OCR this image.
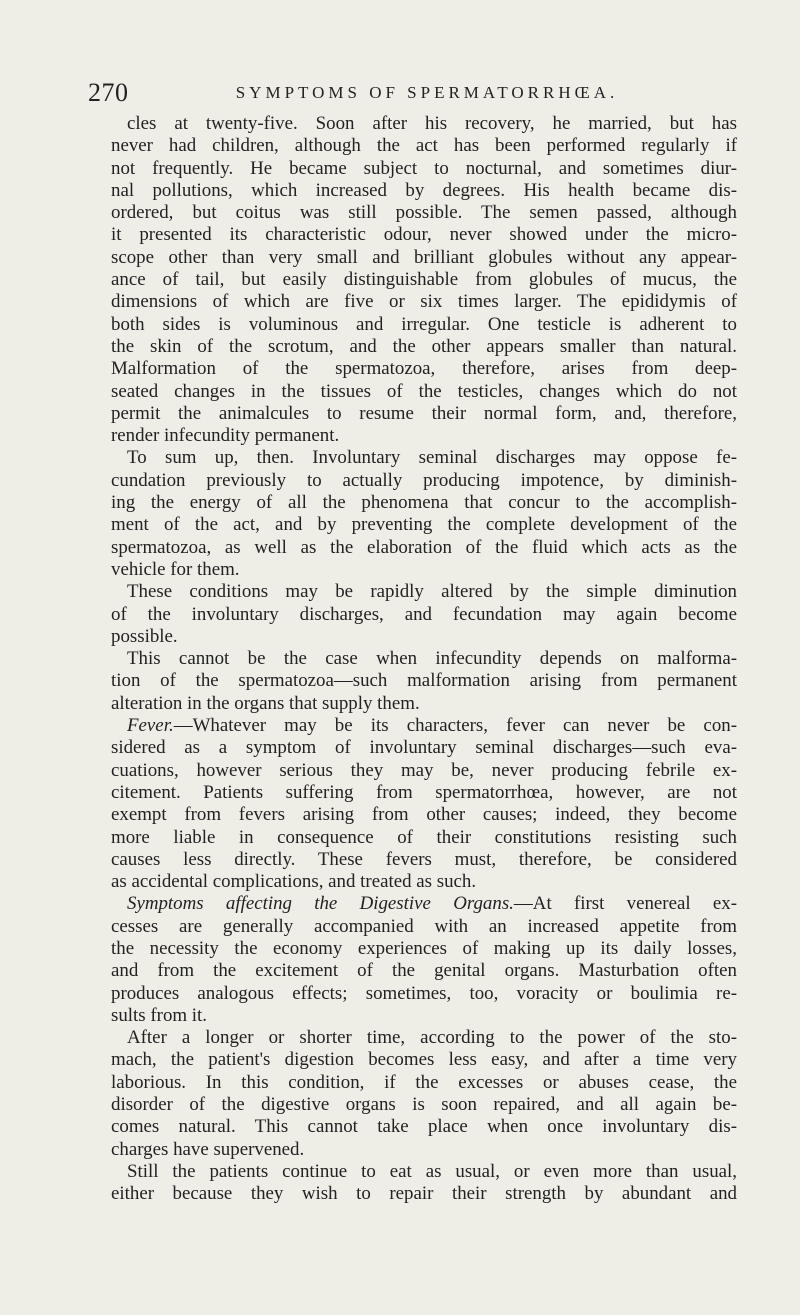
270	SYMPTOMS OF SPERMATORRHŒA.

cles at twenty-five. Soon after his recovery, he married, but has
never had children, although the act has been performed regularly if
not frequently. He became subject to nocturnal, and sometimes diur-
nal pollutions, which increased by degrees. His health became dis-
ordered, but coitus was still possible. The semen passed, although
it presented its characteristic odour, never showed under the micro-
scope other than very small and brilliant globules without any appear-
ance of tail, but easily distinguishable from globules of mucus, the
dimensions of which are five or six times larger. The epididymis of
both sides is voluminous and irregular. One testicle is adherent to
the skin of the scrotum, and the other appears smaller than natural.
Malformation of the spermatozoa, therefore, arises from deep-
seated changes in the tissues of the testicles, changes which do not
permit the animalcules to resume their normal form, and, therefore,
render infecundity permanent.

To sum up, then. Involuntary seminal discharges may oppose fe-
cundation previously to actually producing impotence, by diminish-
ing the energy of all the phenomena that concur to the accomplish-
ment of the act, and by preventing the complete development of the
spermatozoa, as well as the elaboration of the fluid which acts as the
vehicle for them.

These conditions may be rapidly altered by the simple diminution
of the involuntary discharges, and fecundation may again become
possible.

This cannot be the case when infecundity depends on malforma-
tion of the spermatozoa—such malformation arising from permanent
alteration in the organs that supply them.

Fever.—Whatever may be its characters, fever can never be con-
sidered as a symptom of involuntary seminal discharges—such eva-
cuations, however serious they may be, never producing febrile ex-
citement. Patients suffering from spermatorrhœa, however, are not
exempt from fevers arising from other causes; indeed, they become
more liable in consequence of their constitutions resisting such
causes less directly. These fevers must, therefore, be considered
as accidental complications, and treated as such.

Symptoms affecting the Digestive Organs.—At first venereal ex-
cesses are generally accompanied with an increased appetite from
the necessity the economy experiences of making up its daily losses,
and from the excitement of the genital organs. Masturbation often
produces analogous effects; sometimes, too, voracity or boulimia re-
sults from it.

After a longer or shorter time, according to the power of the sto-
mach, the patient's digestion becomes less easy, and after a time very
laborious. In this condition, if the excesses or abuses cease, the
disorder of the digestive organs is soon repaired, and all again be-
comes natural. This cannot take place when once involuntary dis-
charges have supervened.

Still the patients continue to eat as usual, or even more than usual,
either because they wish to repair their strength by abundant and
